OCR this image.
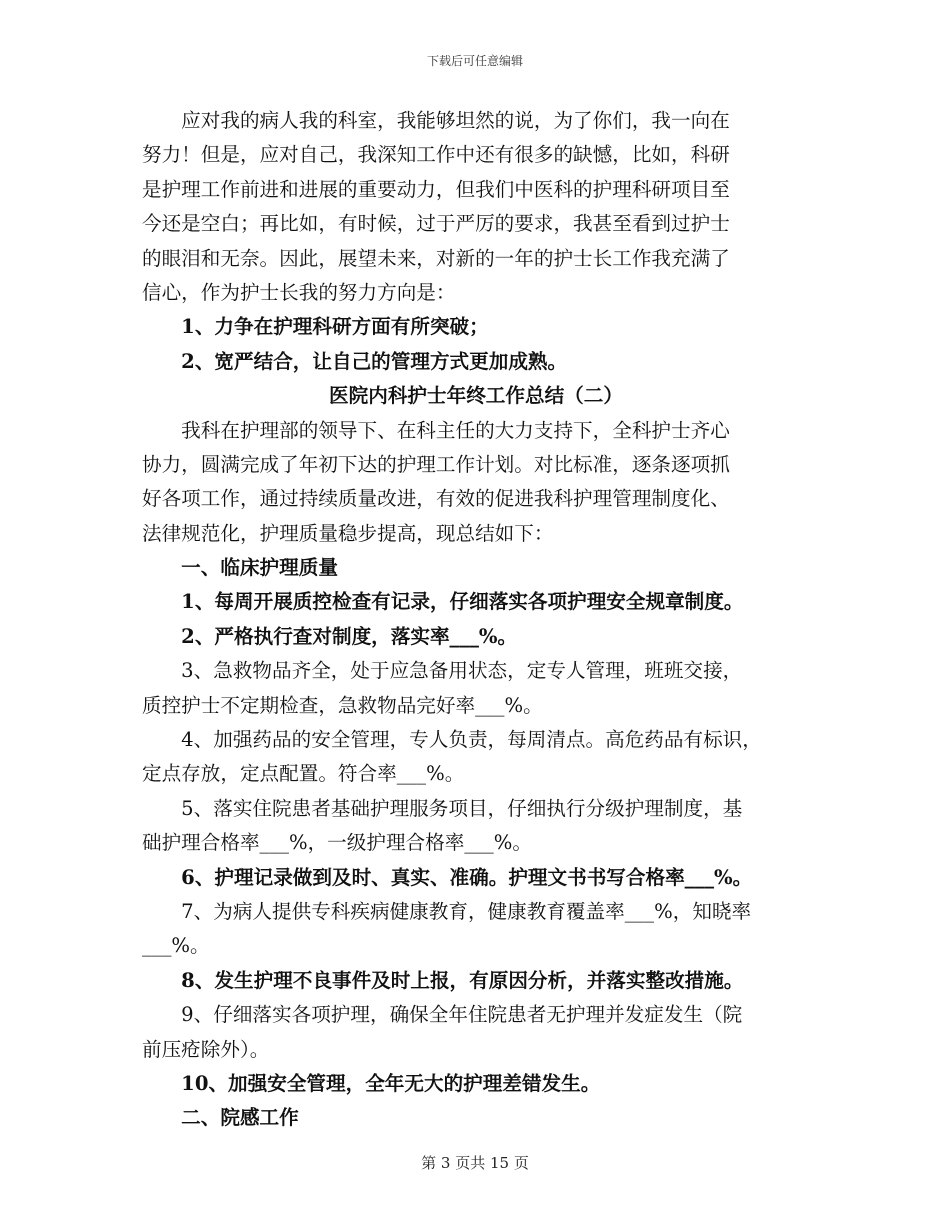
下载后可任意编辑
　　应对我的病人我的科室，我能够坦然的说，为了你们，我一向在
努力！但是，应对自己，我深知工作中还有很多的缺憾，比如，科研
是护理工作前进和进展的重要动力，但我们中医科的护理科研项目至
今还是空白；再比如，有时候，过于严厉的要求，我甚至看到过护士
的眼泪和无奈。因此，展望未来，对新的一年的护士长工作我充满了
信心，作为护士长我的努力方向是：
　　1、力争在护理科研方面有所突破；
　　2、宽严结合，让自己的管理方式更加成熟。
医院内科护士年终工作总结（二）
　　我科在护理部的领导下、在科主任的大力支持下，全科护士齐心
协力，圆满完成了年初下达的护理工作计划。对比标准，逐条逐项抓
好各项工作，通过持续质量改进，有效的促进我科护理管理制度化、
法律规范化，护理质量稳步提高，现总结如下：
　　一、临床护理质量
　　1、每周开展质控检查有记录，仔细落实各项护理安全规章制度。
　　2、严格执行查对制度，落实率___%。
　　3、急救物品齐全，处于应急备用状态，定专人管理，班班交接，
质控护士不定期检查，急救物品完好率___%。
　　4、加强药品的安全管理，专人负责，每周清点。高危药品有标识，
定点存放，定点配置。符合率___%。
　　5、落实住院患者基础护理服务项目，仔细执行分级护理制度，基
础护理合格率___%，一级护理合格率___%。
　　6、护理记录做到及时、真实、准确。护理文书书写合格率___%。
　　7、为病人提供专科疾病健康教育，健康教育覆盖率___%，知晓率
___%。
　　8、发生护理不良事件及时上报，有原因分析，并落实整改措施。
　　9、仔细落实各项护理，确保全年住院患者无护理并发症发生（院
前压疮除外）。
　　10、加强安全管理，全年无大的护理差错发生。
　　二、院感工作
第 3 页共 15 页
